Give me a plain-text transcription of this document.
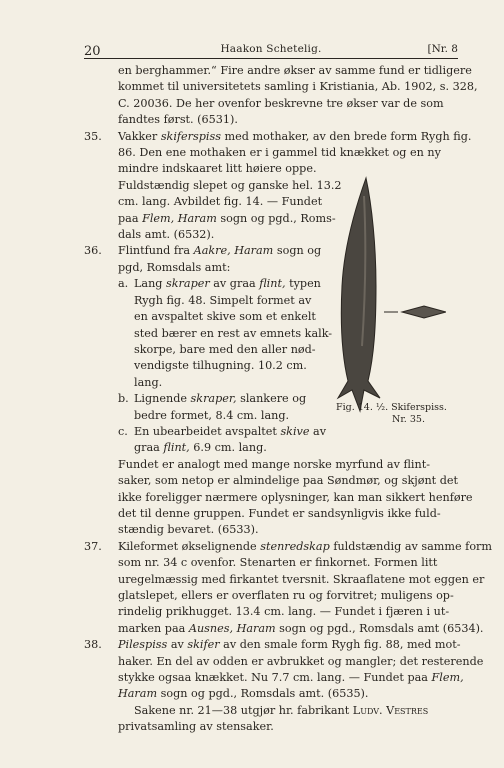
20	Haakon Schetelig.	[Nr. 8
en berghammer.“ Fire andre økser av samme fund er tidligere
kommet til universitetets samling i Kristiania, Ab. 1902, s. 328,
C. 20036. De her ovenfor beskrevne tre økser var de som
fandtes først. (6531).
35. Vakker skiferspiss med mothaker, av den brede form Rygh fig.
86. Den ene mothaken er i gammel tid knækket og en ny
mindre indskaaret litt høiere oppe.
Fuldstændig slepet og ganske hel. 13.2
cm. lang. Avbildet fig. 14. — Fundet
paa Flem, Haram sogn og pgd., Roms-
dals amt. (6532).
36. Flintfund fra Aakre, Haram sogn og
pgd, Romsdals amt:
a. Lang skraper av graa flint, typen
Rygh fig. 48. Simpelt formet av
en avspaltet skive som et enkelt
sted bærer en rest av emnets kalk-
skorpe, bare med den aller nød-
vendigste tilhugning. 10.2 cm.
lang.
b. Lignende skraper, slankere og
bedre formet, 8.4 cm. lang.
c. En ubearbeidet avspaltet skive av
graa flint, 6.9 cm. lang.
Fundet er analogt med mange norske myrfund av flint-
saker, som netop er almindelige paa Søndmør, og skjønt det
ikke foreligger nærmere oplysninger, kan man sikkert henføre
det til denne gruppen. Fundet er sandsynligvis ikke fuld-
stændig bevaret. (6533).
37. Kileformet økselignende stenredskap fuldstændig av samme form
som nr. 34 c ovenfor. Stenarten er finkornet. Formen litt
uregelmæssig med firkantet tversnit. Skraaflatene mot eggen er
glatslepet, ellers er overflaten ru og forvitret; muligens op-
rindelig prikhugget. 13.4 cm. lang. — Fundet i fjæren i ut-
marken paa Ausnes, Haram sogn og pgd., Romsdals amt (6534).
38. Pilespiss av skifer av den smale form Rygh fig. 88, med mot-
haker. En del av odden er avbrukket og mangler; det resterende
stykke ogsaa knækket. Nu 7.7 cm. lang. — Fundet paa Flem,
Haram sogn og pgd., Romsdals amt. (6535).
Sakene nr. 21—38 utgjør hr. fabrikant Ludv. Vestres
privatsamling av stensaker.
Fig. 14. ½. Skiferspiss.
Nr. 35.
